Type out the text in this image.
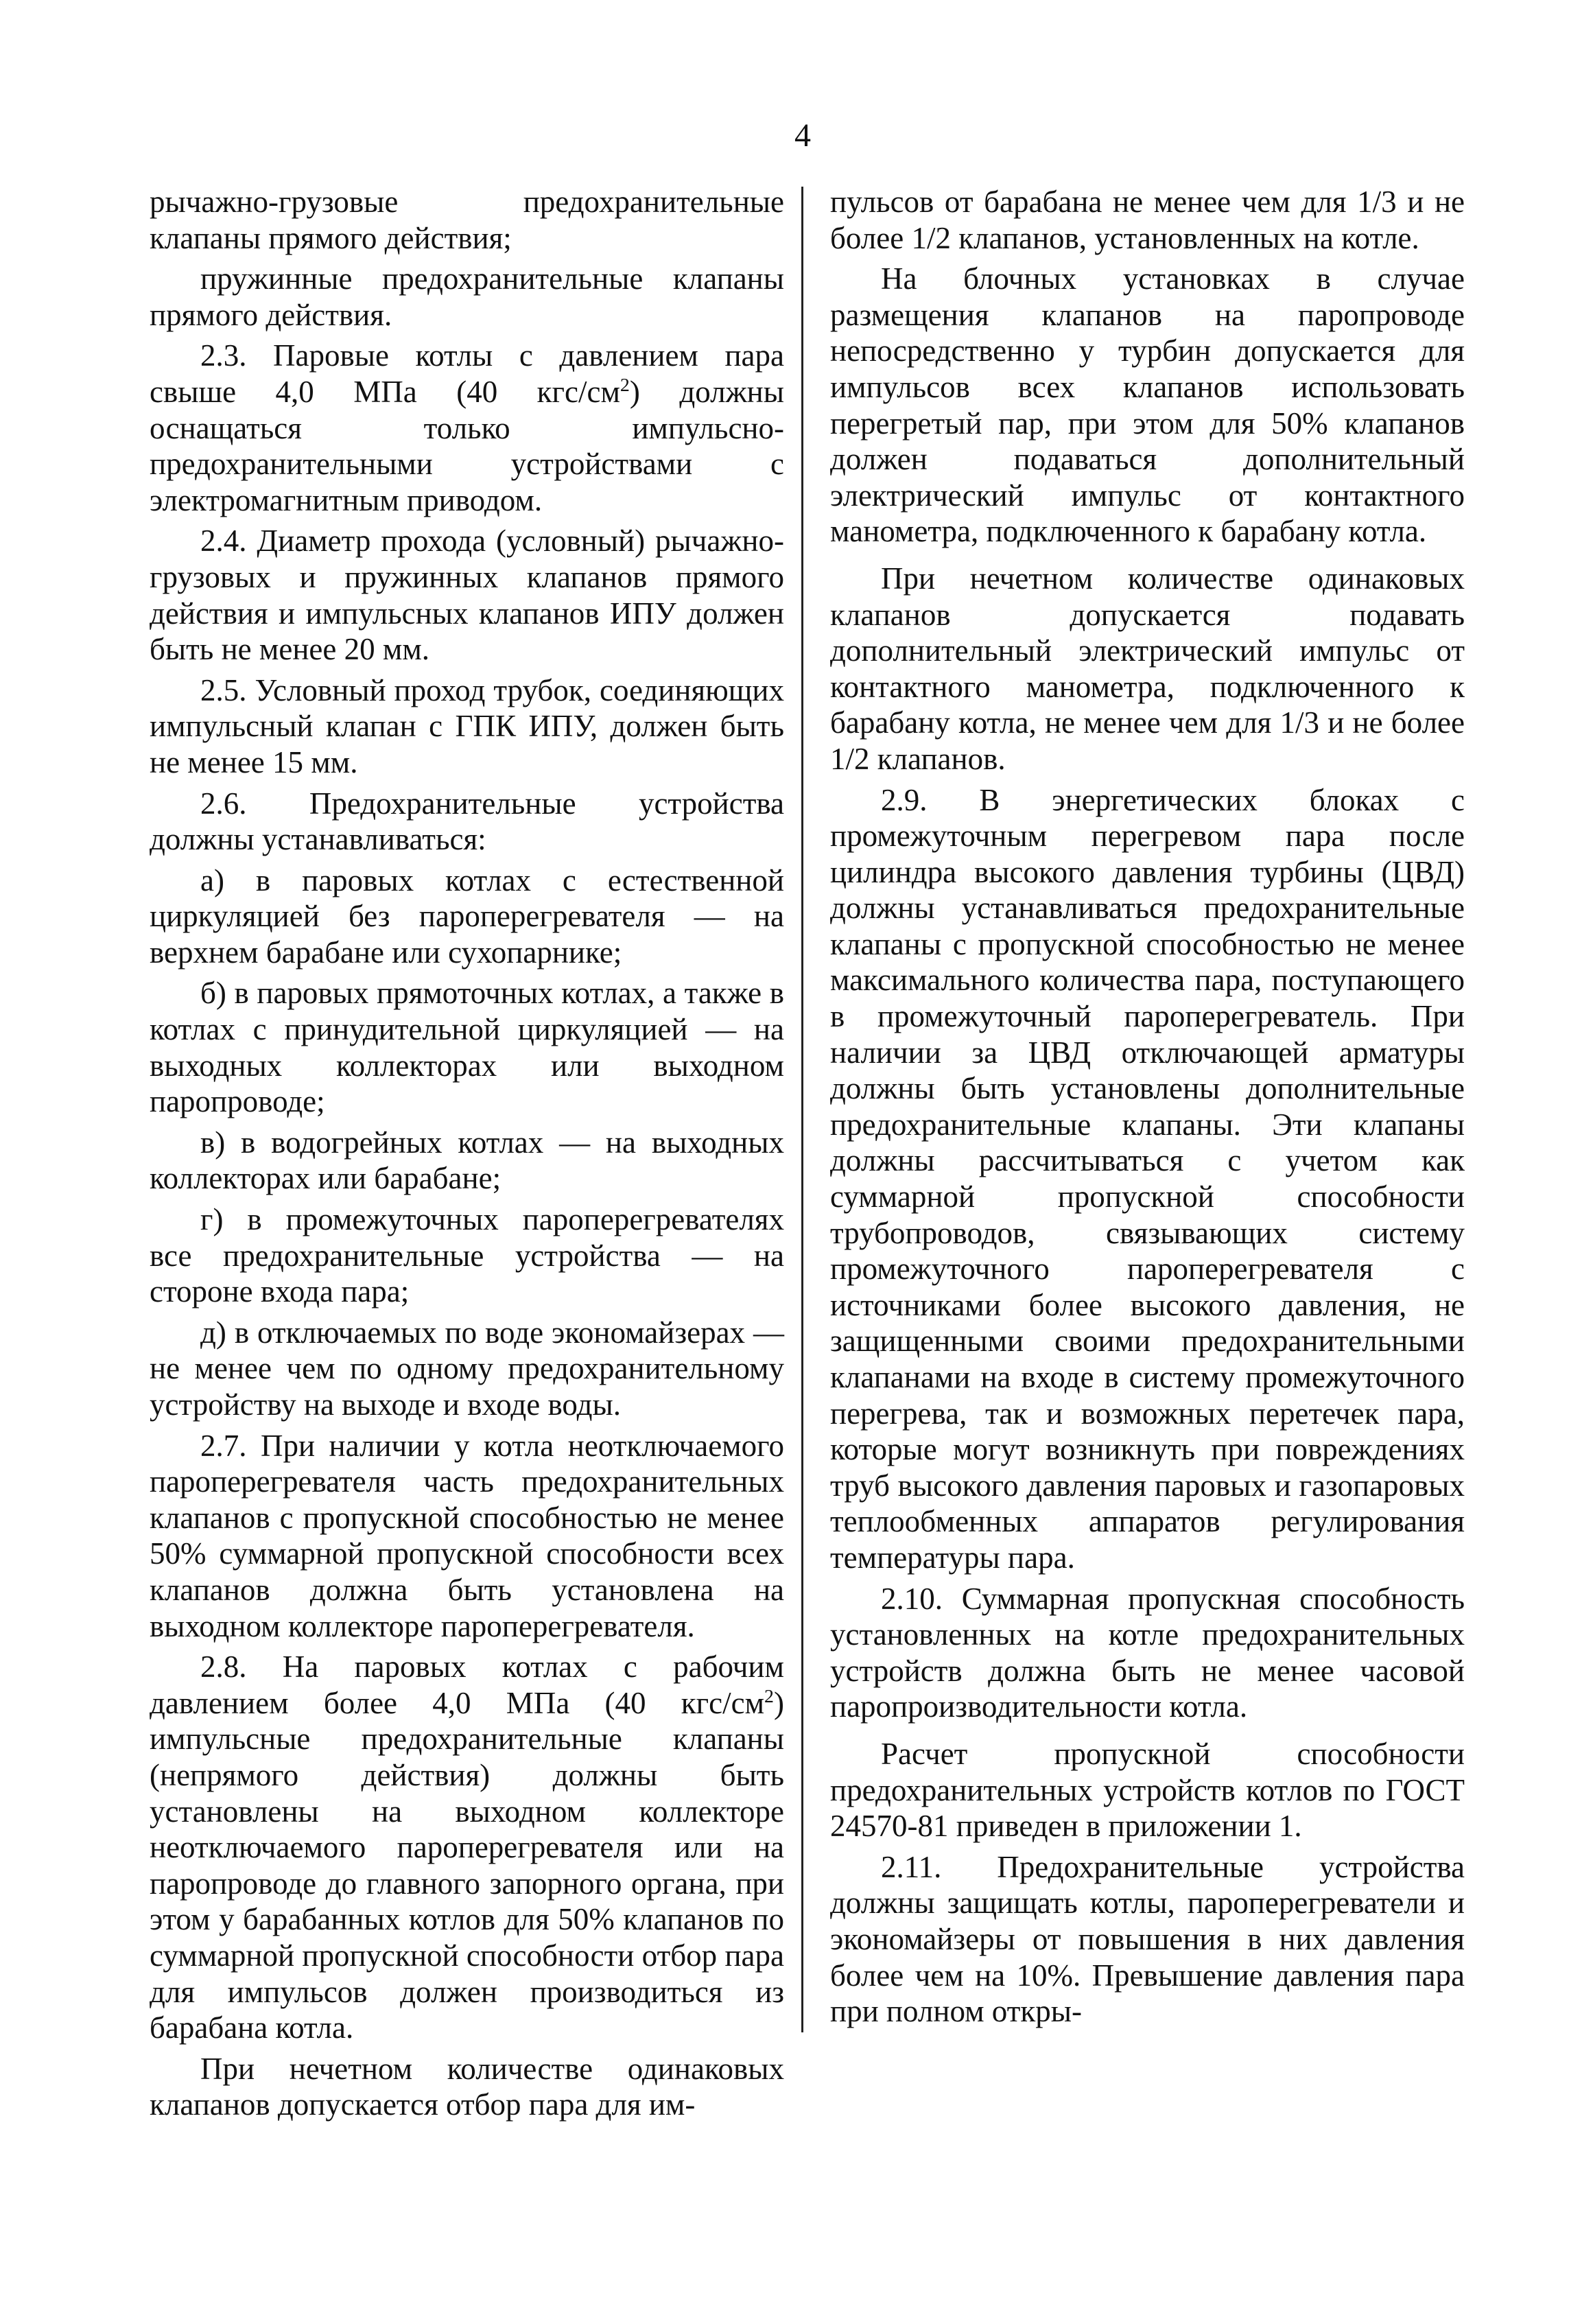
4

рычажно-грузовые предохранительные клапаны прямого действия;

пружинные предохранительные клапаны прямого действия.

2.3. Паровые котлы с давлением пара свыше 4,0 МПа (40 кгс/$см^2$) должны оснащаться только импульсно-предохранительными устройствами с электромагнитным приводом.

2.4. Диаметр прохода (условный) рычажно-грузовых и пружинных клапанов прямого действия и импульсных клапанов ИПУ должен быть не менее 20 мм.

2.5. Условный проход трубок, соединяющих импульсный клапан с ГПК ИПУ, должен быть не менее 15 мм.

2.6. Предохранительные устройства должны устанавливаться:

а) в паровых котлах с естественной циркуляцией без пароперегревателя — на верхнем барабане или сухопарнике;

б) в паровых прямоточных котлах, а также в котлах с принудительной циркуляцией — на выходных коллекторах или выходном паропроводе;

в) в водогрейных котлах — на выходных коллекторах или барабане;

г) в промежуточных пароперегревателях все предохранительные устройства — на стороне входа пара;

д) в отключаемых по воде экономайзерах — не менее чем по одному предохранительному устройству на выходе и входе воды.

2.7. При наличии у котла неотключаемого пароперегревателя часть предохранительных клапанов с пропускной способностью не менее 50% суммарной пропускной способности всех клапанов должна быть установлена на выходном коллекторе пароперегревателя.

2.8. На паровых котлах с рабочим давлением более 4,0 МПа (40 кгс/$см^2$) импульсные предохранительные клапаны (непрямого действия) должны быть установлены на выходном коллекторе неотключаемого пароперегревателя или на паропроводе до главного запорного органа, при этом у барабанных котлов для 50% клапанов по суммарной пропускной способности отбор пара для импульсов должен производиться из барабана котла.

При нечетном количестве одинаковых клапанов допускается отбор пара для им-

пульсов от барабана не менее чем для 1/3 и не более 1/2 клапанов, установленных на котле.

На блочных установках в случае размещения клапанов на паропроводе непосредственно у турбин допускается для импульсов всех клапанов использовать перегретый пар, при этом для 50% клапанов должен подаваться дополнительный электрический импульс от контактного манометра, подключенного к барабану котла.

При нечетном количестве одинаковых клапанов допускается подавать дополнительный электрический импульс от контактного манометра, подключенного к барабану котла, не менее чем для 1/3 и не более 1/2 клапанов.

2.9. В энергетических блоках с промежуточным перегревом пара после цилиндра высокого давления турбины (ЦВД) должны устанавливаться предохранительные клапаны с пропускной способностью не менее максимального количества пара, поступающего в промежуточный пароперегреватель. При наличии за ЦВД отключающей арматуры должны быть установлены дополнительные предохранительные клапаны. Эти клапаны должны рассчитываться с учетом как суммарной пропускной способности трубопроводов, связывающих систему промежуточного пароперегревателя с источниками более высокого давления, не защищенными своими предохранительными клапанами на входе в систему промежуточного перегрева, так и возможных перетечек пара, которые могут возникнуть при повреждениях труб высокого давления паровых и газопаровых теплообменных аппаратов регулирования температуры пара.

2.10. Суммарная пропускная способность установленных на котле предохранительных устройств должна быть не менее часовой паропроизводительности котла.

Расчет пропускной способности предохранительных устройств котлов по ГОСТ 24570-81 приведен в приложении 1.

2.11. Предохранительные устройства должны защищать котлы, пароперегреватели и экономайзеры от повышения в них давления более чем на 10%. Превышение давления пара при полном откры-
